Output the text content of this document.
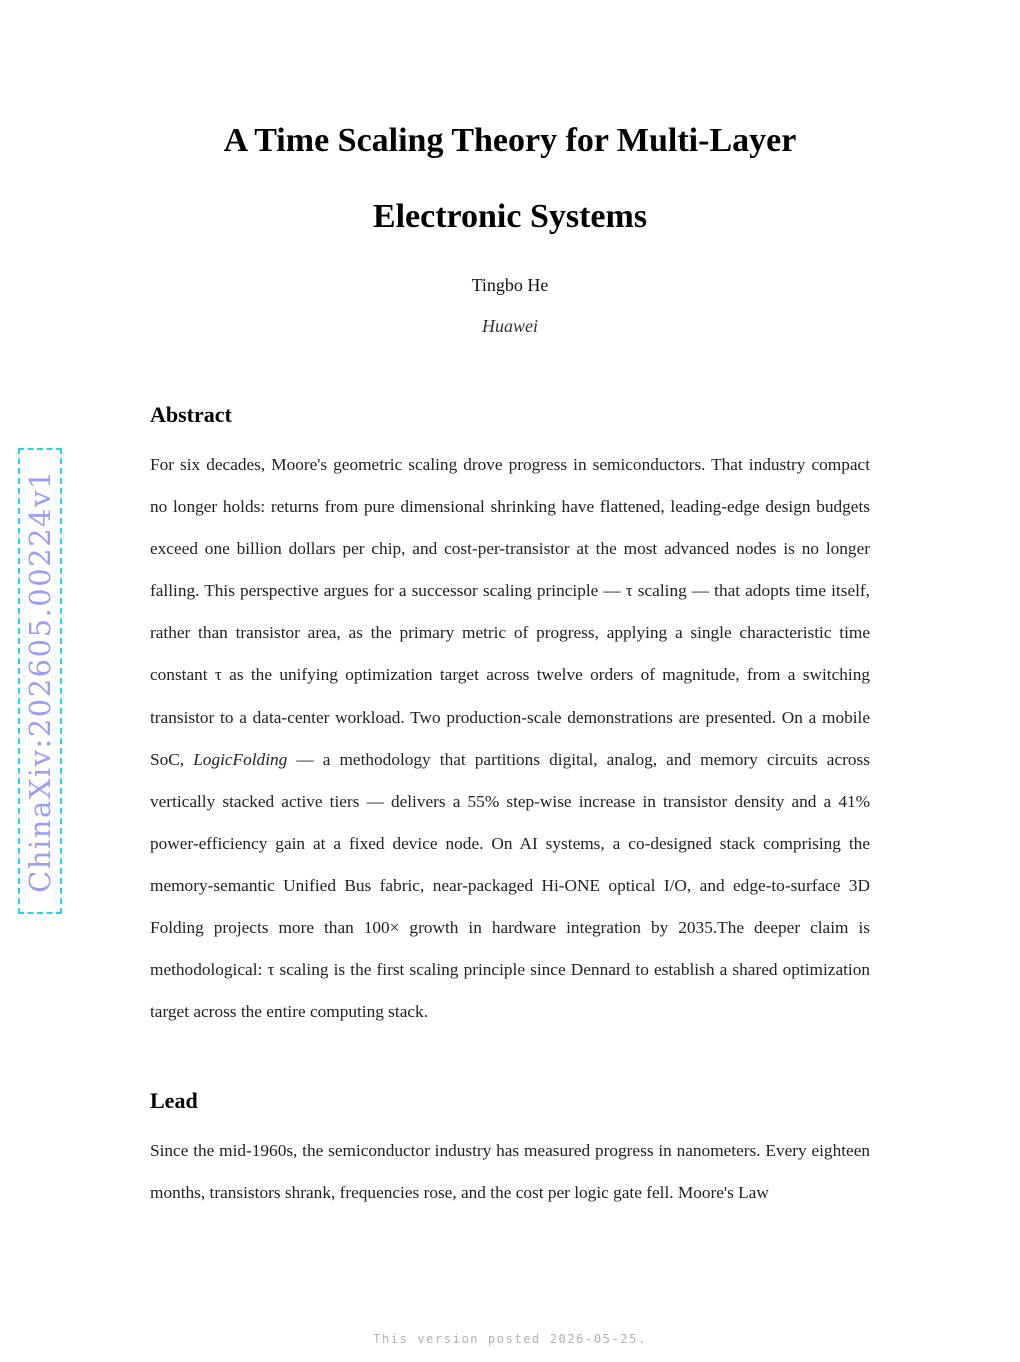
A Time Scaling Theory for Multi-Layer
Electronic Systems
Tingbo He
Huawei
Abstract
For six decades, Moore's geometric scaling drove progress in semiconductors. That industry compact no longer holds: returns from pure dimensional shrinking have flattened, leading-edge design budgets exceed one billion dollars per chip, and cost-per-transistor at the most advanced nodes is no longer falling. This perspective argues for a successor scaling principle — τ scaling — that adopts time itself, rather than transistor area, as the primary metric of progress, applying a single characteristic time constant τ as the unifying optimization target across twelve orders of magnitude, from a switching transistor to a data-center workload. Two production-scale demonstrations are presented. On a mobile SoC, LogicFolding — a methodology that partitions digital, analog, and memory circuits across vertically stacked active tiers — delivers a 55% step-wise increase in transistor density and a 41% power-efficiency gain at a fixed device node. On AI systems, a co-designed stack comprising the memory-semantic Unified Bus fabric, near-packaged Hi-ONE optical I/O, and edge-to-surface 3D Folding projects more than 100× growth in hardware integration by 2035.The deeper claim is methodological: τ scaling is the first scaling principle since Dennard to establish a shared optimization target across the entire computing stack.
Lead
Since the mid-1960s, the semiconductor industry has measured progress in nanometers. Every eighteen months, transistors shrank, frequencies rose, and the cost per logic gate fell. Moore's Law
ChinaXiv:202605.00224v1
This version posted 2026-05-25.
